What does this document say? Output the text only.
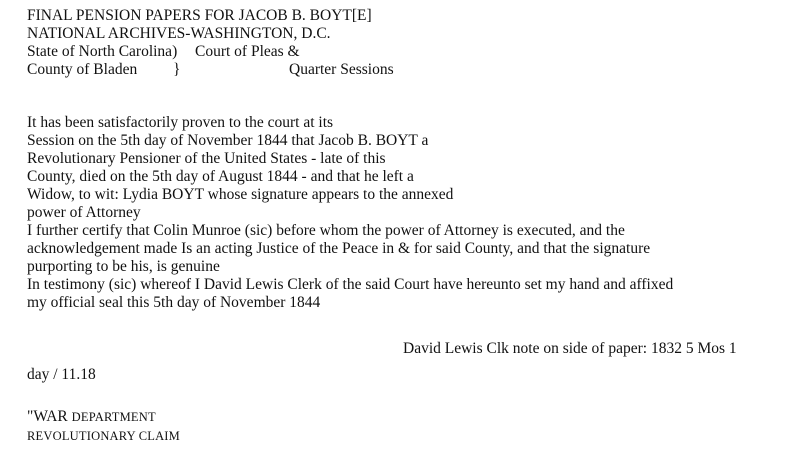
FINAL PENSION PAPERS FOR JACOB B. BOYT[E]
NATIONAL ARCHIVES-WASHINGTON, D.C.
State of North Carolina) Court of Pleas &
County of Bladen }	Quarter Sessions
It has been satisfactorily proven to the court at its
Session on the 5th day of November 1844 that Jacob B. BOYT a
Revolutionary Pensioner of the United States - late of this
County, died on the 5th day of August 1844 - and that he left a
Widow, to wit: Lydia BOYT whose signature appears to the annexed
power of Attorney
I further certify that Colin Munroe (sic) before whom the power of Attorney is executed, and the
acknowledgement made Is an acting Justice of the Peace in & for said County, and that the signature
purporting to be his, is genuine
In testimony (sic) whereof I David Lewis Clerk of the said Court have hereunto set my hand and affixed
my official seal this 5th day of November 1844
David Lewis Clk note on side of paper: 1832 5 Mos 1
day / 11.18
"WAR DEPARTMENT
REVOLUTIONARY CLAIM
